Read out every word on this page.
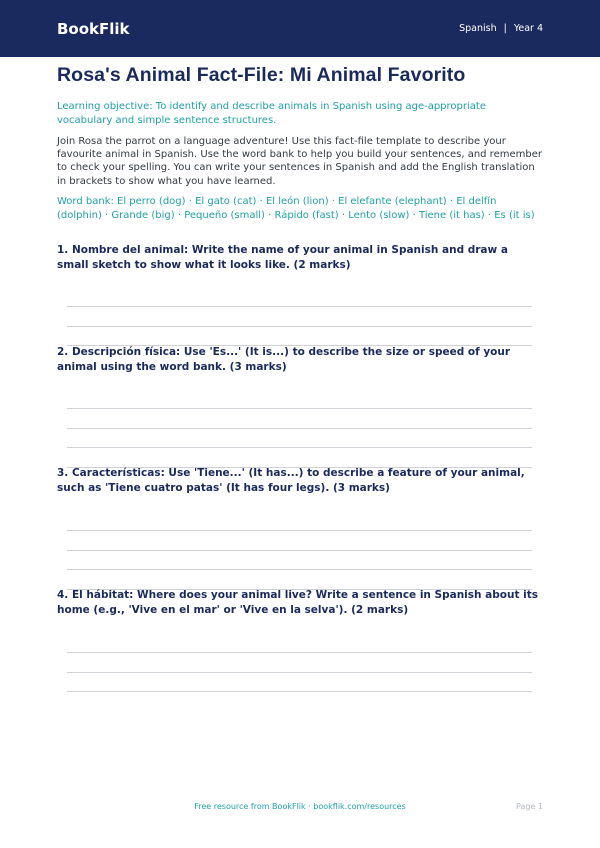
BookFlik	Spanish | Year 4
Rosa's Animal Fact-File: Mi Animal Favorito
Learning objective: To identify and describe animals in Spanish using age-appropriate vocabulary and simple sentence structures.
Join Rosa the parrot on a language adventure! Use this fact-file template to describe your favourite animal in Spanish. Use the word bank to help you build your sentences, and remember to check your spelling. You can write your sentences in Spanish and add the English translation in brackets to show what you have learned.
Word bank: El perro (dog) · El gato (cat) · El león (lion) · El elefante (elephant) · El delfín (dolphin) · Grande (big) · Pequeño (small) · Rápido (fast) · Lento (slow) · Tiene (it has) · Es (it is)
1. Nombre del animal: Write the name of your animal in Spanish and draw a small sketch to show what it looks like. (2 marks)
2. Descripción física: Use 'Es...' (It is...) to describe the size or speed of your animal using the word bank. (3 marks)
3. Características: Use 'Tiene...' (It has...) to describe a feature of your animal, such as 'Tiene cuatro patas' (It has four legs). (3 marks)
4. El hábitat: Where does your animal live? Write a sentence in Spanish about its home (e.g., 'Vive en el mar' or 'Vive en la selva'). (2 marks)
Free resource from BookFlik · bookflik.com/resources	Page 1
